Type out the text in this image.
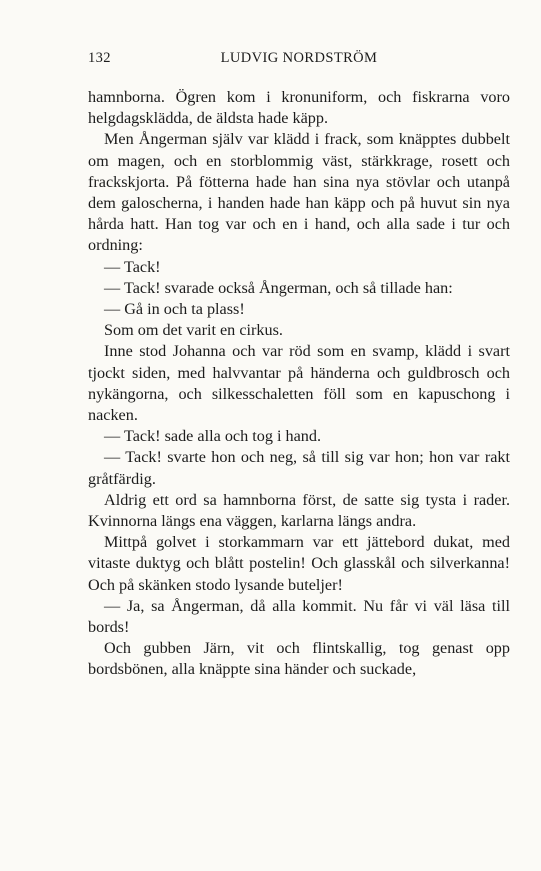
132	LUDVIG NORDSTRÖM

hamnborna. Ögren kom i kronuniform, och fiskrarna voro helgdagsklädda, de äldsta hade käpp.

Men Ångerman själv var klädd i frack, som knäpptes dubbelt om magen, och en storblommig väst, stärkkrage, rosett och frackskjorta. På fötterna hade han sina nya stövlar och utanpå dem galoscherna, i handen hade han käpp och på huvut sin nya hårda hatt. Han tog var och en i hand, och alla sade i tur och ordning:

— Tack!

— Tack! svarade också Ångerman, och så tillade han:

— Gå in och ta plass!

Som om det varit en cirkus.

Inne stod Johanna och var röd som en svamp, klädd i svart tjockt siden, med halvvantar på händerna och guldbrosch och nykängorna, och silkesschaletten föll som en kapuschong i nacken.

— Tack! sade alla och tog i hand.

— Tack! svarte hon och neg, så till sig var hon; hon var rakt gråtfärdig.

Aldrig ett ord sa hamnborna först, de satte sig tysta i rader. Kvinnorna längs ena väggen, karlarna längs andra.

Mittpå golvet i storkammarn var ett jättebord dukat, med vitaste duktyg och blått postelin! Och glasskål och silverkanna! Och på skänken stodo lysande buteljer!

— Ja, sa Ångerman, då alla kommit. Nu får vi väl läsa till bords!

Och gubben Järn, vit och flintskallig, tog genast opp bordsbönen, alla knäppte sina händer och suckade,
